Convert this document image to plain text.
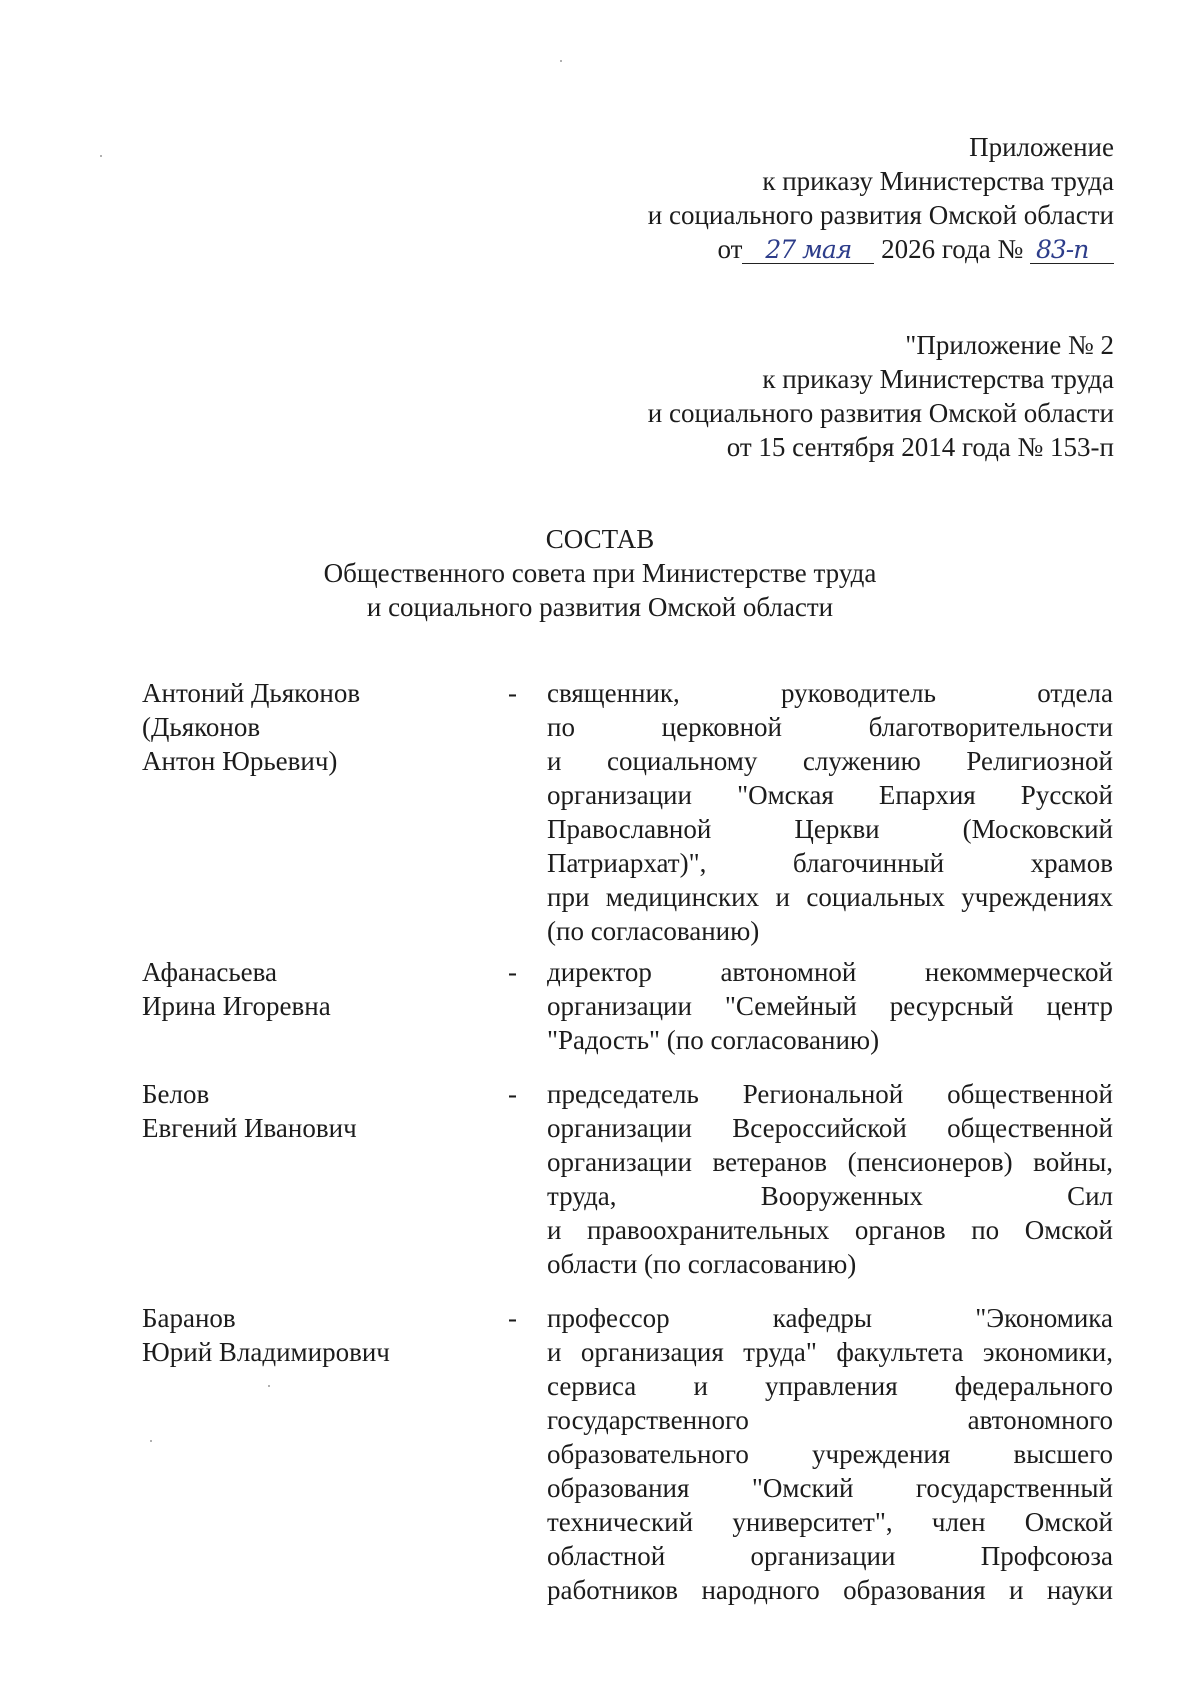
Приложение
к приказу Министерства труда
и социального развития Омской области
от 27 мая 2026 года № 83-п
"Приложение № 2
к приказу Министерства труда
и социального развития Омской области
от 15 сентября 2014 года № 153-п
СОСТАВ
Общественного совета при Министерстве труда
и социального развития Омской области
Антоний Дьяконов
(Дьяконов
Антон Юрьевич)
- священник, руководитель отдела
по церковной благотворительности
и социальному служению Религиозной
организации "Омская Епархия Русской
Православной Церкви (Московский
Патриархат)", благочинный храмов
при медицинских и социальных учреждениях
(по согласованию)
Афанасьева
Ирина Игоревна
- директор автономной некоммерческой
организации "Семейный ресурсный центр
"Радость" (по согласованию)
Белов
Евгений Иванович
- председатель Региональной общественной
организации Всероссийской общественной
организации ветеранов (пенсионеров) войны,
труда, Вооруженных Сил
и правоохранительных органов по Омской
области (по согласованию)
Баранов
Юрий Владимирович
- профессор кафедры "Экономика
и организация труда" факультета экономики,
сервиса и управления федерального
государственного автономного
образовательного учреждения высшего
образования "Омский государственный
технический университет", член Омской
областной организации Профсоюза
работников народного образования и науки
